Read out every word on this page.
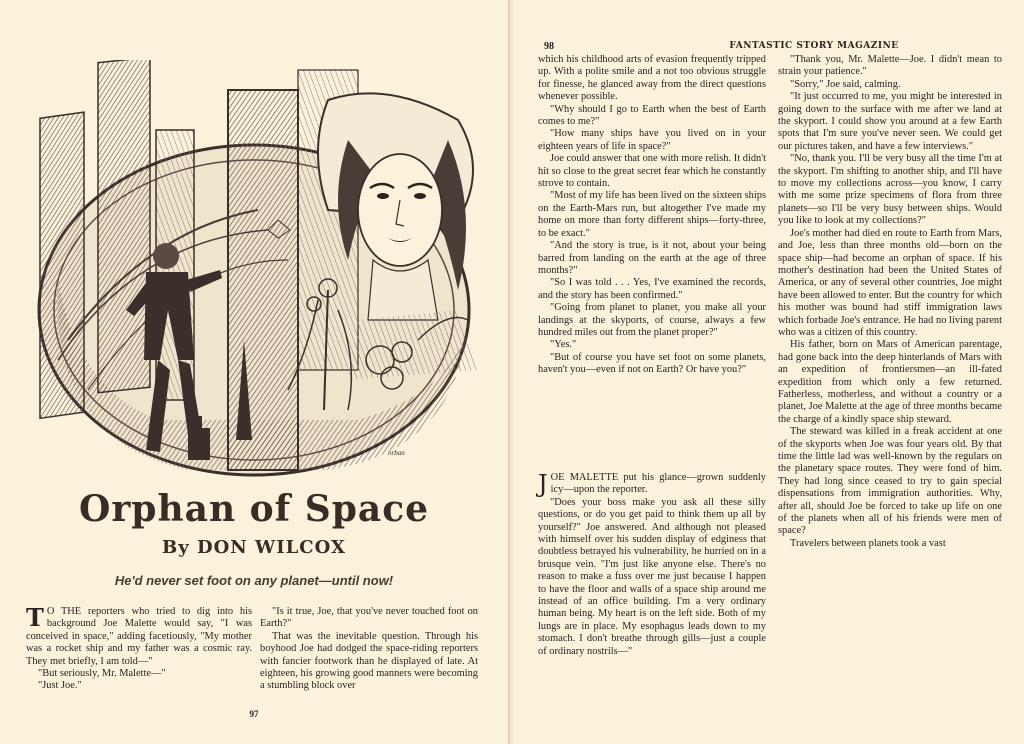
orban
Orphan of Space
By DON WILCOX
He'd never set foot on any planet—until now!

T O THE reporters who tried to dig into his background Joe Malette would say, "I was conceived in space," adding facetiously, "My mother was a rocket ship and my father was a cosmic ray. They met briefly, I am told—"

"But seriously, Mr. Malette—"

"Just Joe."

"Is it true, Joe, that you've never touched foot on Earth?"

That was the inevitable question. Through his boyhood Joe had dodged the space-riding reporters with fancier footwork than he displayed of late. At eighteen, his growing good manners were becoming a stumbling block over

97
98	FANTASTIC STORY MAGAZINE

which his childhood arts of evasion frequently tripped up. With a polite smile and a not too obvious struggle for finesse, he glanced away from the direct questions whenever possible.

"Why should I go to Earth when the best of Earth comes to me?"

"How many ships have you lived on in your eighteen years of life in space?"

Joe could answer that one with more relish. It didn't hit so close to the great secret fear which he constantly strove to contain.

"Most of my life has been lived on the sixteen ships on the Earth-Mars run, but altogether I've made my home on more than forty different ships—forty-three, to be exact."

"And the story is true, is it not, about your being barred from landing on the earth at the age of three months?"

"So I was told . . . Yes, I've examined the records, and the story has been confirmed."

"Going from planet to planet, you make all your landings at the skyports, of course, always a few hundred miles out from the planet proper?"

"Yes."

"But of course you have set foot on some planets, haven't you—even if not on Earth? Or have you?"

JOE MALETTE put his glance—grown suddenly icy—upon the reporter.

"Does your boss make you ask all these silly questions, or do you get paid to think them up all by yourself?" Joe answered. And although not pleased with himself over his sudden display of edginess that doubtless betrayed his vulnerability, he hurried on in a brusque vein. "I'm just like anyone else. There's no reason to make a fuss over me just because I happen to have the floor and walls of a space ship around me instead of an office building. I'm a very ordinary human being. My heart is on the left side. Both of my lungs are in place. My esophagus leads down to my stomach. I don't breathe through gills—just a couple of ordinary nostrils—"

"Thank you, Mr. Malette—Joe. I didn't mean to strain your patience."

"Sorry," Joe said, calming.

"It just occurred to me, you might be interested in going down to the surface with me after we land at the skyport. I could show you around at a few Earth spots that I'm sure you've never seen. We could get our pictures taken, and have a few interviews."

"No, thank you. I'll be very busy all the time I'm at the skyport. I'm shifting to another ship, and I'll have to move my collections across—you know, I carry with me some prize specimens of flora from three planets—so I'll be very busy between ships. Would you like to look at my collections?"

Joe's mother had died en route to Earth from Mars, and Joe, less than three months old—born on the space ship—had become an orphan of space. If his mother's destination had been the United States of America, or any of several other countries, Joe might have been allowed to enter. But the country for which his mother was bound had stiff immigration laws which forbade Joe's entrance. He had no living parent who was a citizen of this country.

His father, born on Mars of American parentage, had gone back into the deep hinterlands of Mars with an expedition of frontiersmen—an ill-fated expedition from which only a few returned. Fatherless, motherless, and without a country or a planet, Joe Malette at the age of three months became the charge of a kindly space ship steward.

The steward was killed in a freak accident at one of the skyports when Joe was four years old. By that time the little lad was well-known by the regulars on the planetary space routes. They were fond of him. They had long since ceased to try to gain special dispensations from immigration authorities. Why, after all, should Joe be forced to take up life on one of the planets when all of his friends were men of space?

Travelers between planets took a vast
